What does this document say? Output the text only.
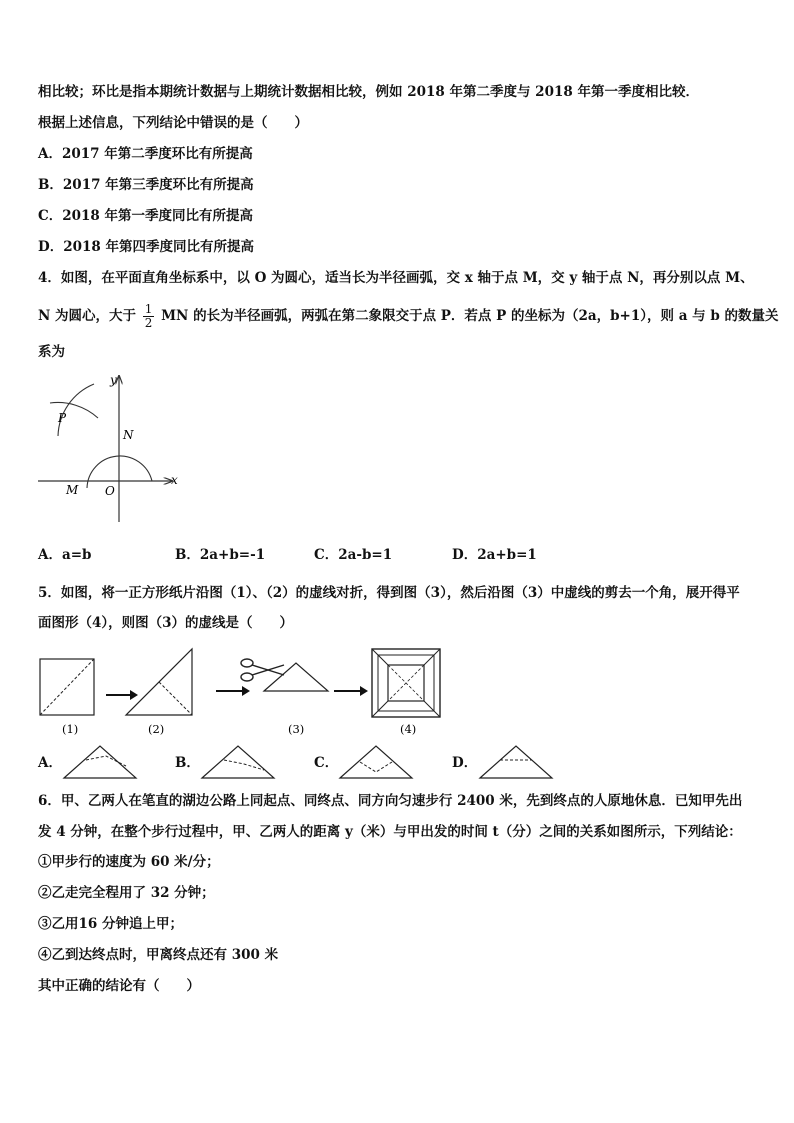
相比较；环比是指本期统计数据与上期统计数据相比较，例如 2018 年第二季度与 2018 年第一季度相比较．
根据上述信息，下列结论中错误的是（　　）
A．2017 年第二季度环比有所提高
B．2017 年第三季度环比有所提高
C．2018 年第一季度同比有所提高
D．2018 年第四季度同比有所提高
4．如图，在平面直角坐标系中，以 O 为圆心，适当长为半径画弧，交 x 轴于点 M，交 y 轴于点 N，再分别以点 M、
N 为圆心，大于 $\frac{1}{2}$ MN 的长为半径画弧，两弧在第二象限交于点 P．若点 P 的坐标为（2a，b+1），则 a 与 b 的数量关
系为
y
x
P
N
M O
A．a=b	B．2a+b=-1	C．2a-b=1	D．2a+b=1
5．如图，将一正方形纸片沿图（1）、（2）的虚线对折，得到图（3），然后沿图（3）中虚线的剪去一个角，展开得平
面图形（4），则图（3）的虚线是（　　）
(1)	(2)	(3)	(4)
A．	B．	C．	D．
6．甲、乙两人在笔直的湖边公路上同起点、同终点、同方向匀速步行 2400 米，先到终点的人原地休息．已知甲先出
发 4 分钟，在整个步行过程中，甲、乙两人的距离 y（米）与甲出发的时间 t（分）之间的关系如图所示，下列结论：
①甲步行的速度为 60 米/分；
②乙走完全程用了 32 分钟；
③乙用16 分钟追上甲；
④乙到达终点时，甲离终点还有 300 米
其中正确的结论有（　　）
